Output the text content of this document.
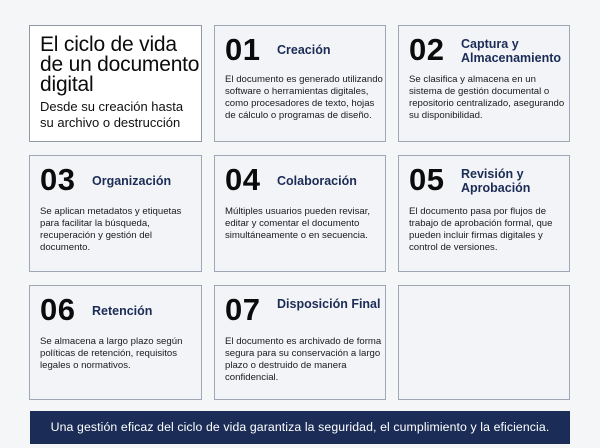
El ciclo de vida de un documento digital

Desde su creación hasta su archivo o destrucción

01 Creación

El documento es generado utilizando software o herramientas digitales, como procesadores de texto, hojas de cálculo o programas de diseño.

02 Captura y Almacenamiento

Se clasifica y almacena en un sistema de gestión documental o repositorio centralizado, asegurando su disponibilidad.

03 Organización

Se aplican metadatos y etiquetas para facilitar la búsqueda, recuperación y gestión del documento.

04 Colaboración

Múltiples usuarios pueden revisar, editar y comentar el documento simultáneamente o en secuencia.

05 Revisión y Aprobación

El documento pasa por flujos de trabajo de aprobación formal, que pueden incluir firmas digitales y control de versiones.

06 Retención

Se almacena a largo plazo según políticas de retención, requisitos legales o normativos.

07 Disposición Final

El documento es archivado de forma segura para su conservación a largo plazo o destruido de manera confidencial.

Una gestión eficaz del ciclo de vida garantiza la seguridad, el cumplimiento y la eficiencia.
